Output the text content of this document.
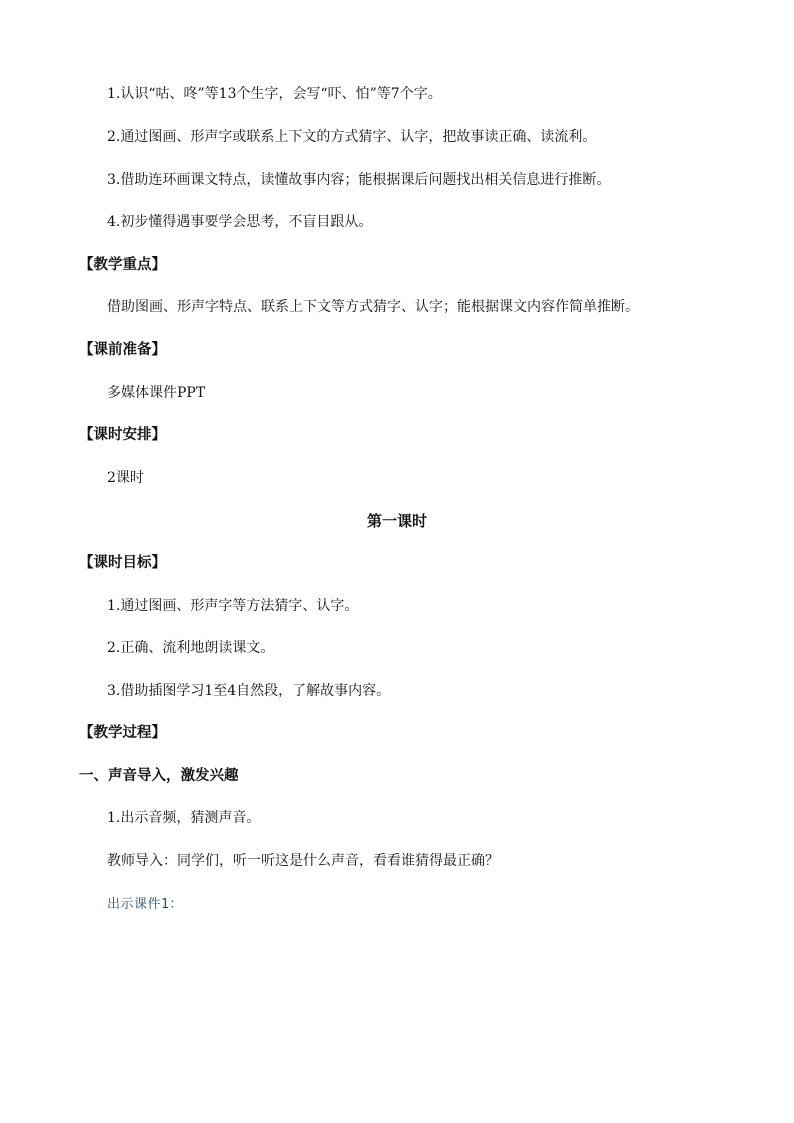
1.认识“咕、咚”等13个生字，会写“吓、怕”等7个字。
2.通过图画、形声字或联系上下文的方式猜字、认字，把故事读正确、读流利。
3.借助连环画课文特点，读懂故事内容；能根据课后问题找出相关信息进行推断。
4.初步懂得遇事要学会思考，不盲目跟从。
【教学重点】
借助图画、形声字特点、联系上下文等方式猜字、认字；能根据课文内容作简单推断。
【课前准备】
多媒体课件PPT
【课时安排】
2课时
第一课时
【课时目标】
1.通过图画、形声字等方法猜字、认字。
2.正确、流利地朗读课文。
3.借助插图学习1至4自然段，了解故事内容。
【教学过程】
一、声音导入，激发兴趣
1.出示音频，猜测声音。
教师导入：同学们，听一听这是什么声音，看看谁猜得最正确？
出示课件1：
